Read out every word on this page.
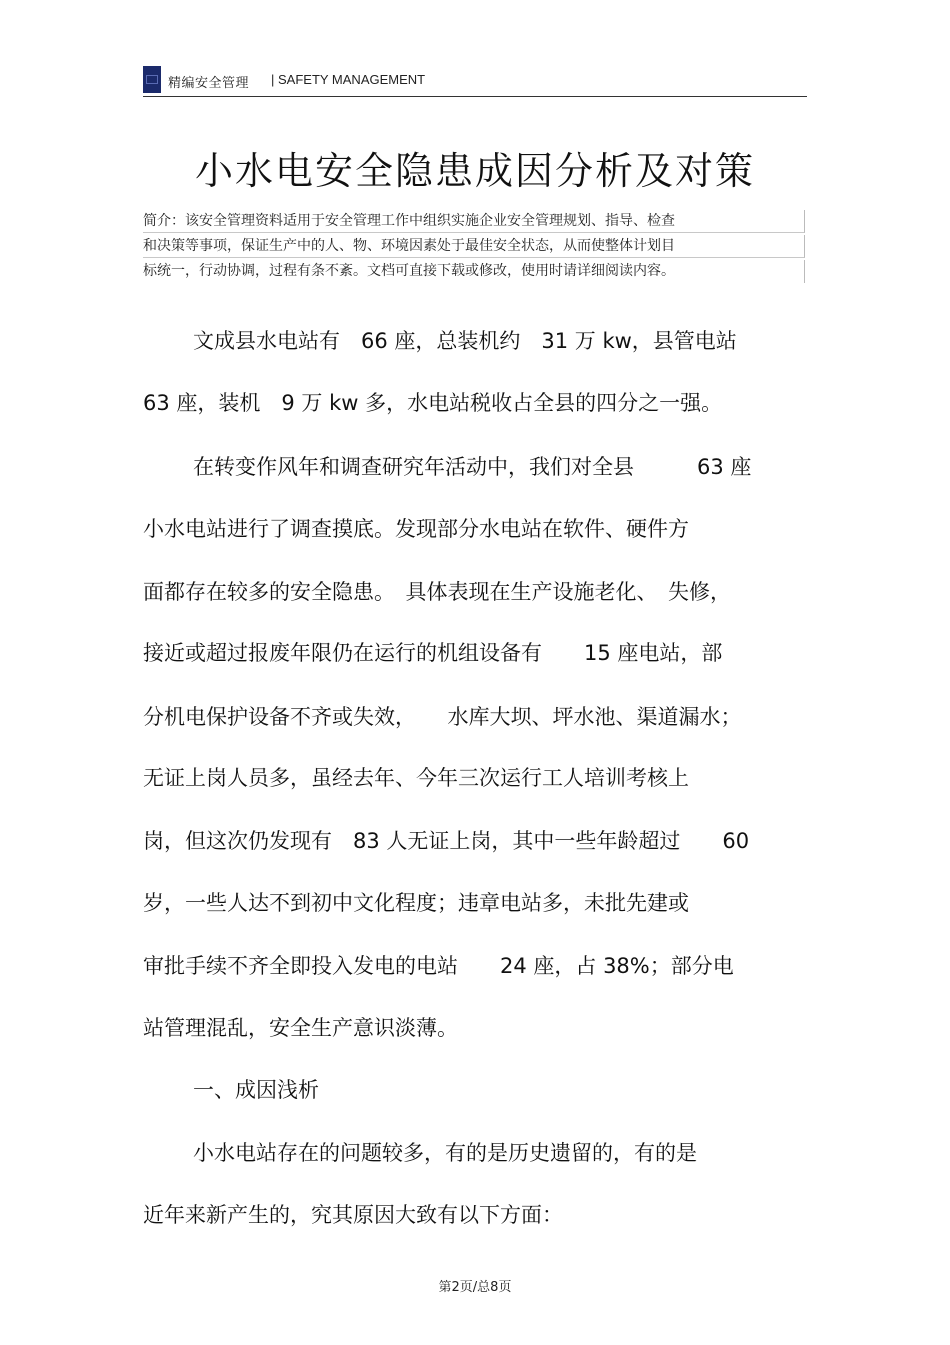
精编安全管理 | SAFETY MANAGEMENT
小水电安全隐患成因分析及对策
简介：该安全管理资料适用于安全管理工作中组织实施企业安全管理规划、指导、检查
和决策等事项，保证生产中的人、物、环境因素处于最佳安全状态，从而使整体计划目
标统一，行动协调，过程有条不紊。文档可直接下载或修改，使用时请详细阅读内容。
文成县水电站有　66 座，总装机约　31 万 kw，县管电站
63 座，装机　9 万 kw 多，水电站税收占全县的四分之一强。
在转变作风年和调查研究年活动中，我们对全县　　　63 座
小水电站进行了调查摸底。发现部分水电站在软件、硬件方
面都存在较多的安全隐患。　具体表现在生产设施老化、　失修，
接近或超过报废年限仍在运行的机组设备有　　15 座电站，部
分机电保护设备不齐或失效，　　水库大坝、坪水池、渠道漏水；
无证上岗人员多，虽经去年、今年三次运行工人培训考核上
岗，但这次仍发现有　83 人无证上岗，其中一些年龄超过　　60
岁，一些人达不到初中文化程度；违章电站多，未批先建或
审批手续不齐全即投入发电的电站　　24 座，占 38%；部分电
站管理混乱，安全生产意识淡薄。
一、成因浅析
小水电站存在的问题较多，有的是历史遗留的，有的是
近年来新产生的，究其原因大致有以下方面：
第2页/总8页
